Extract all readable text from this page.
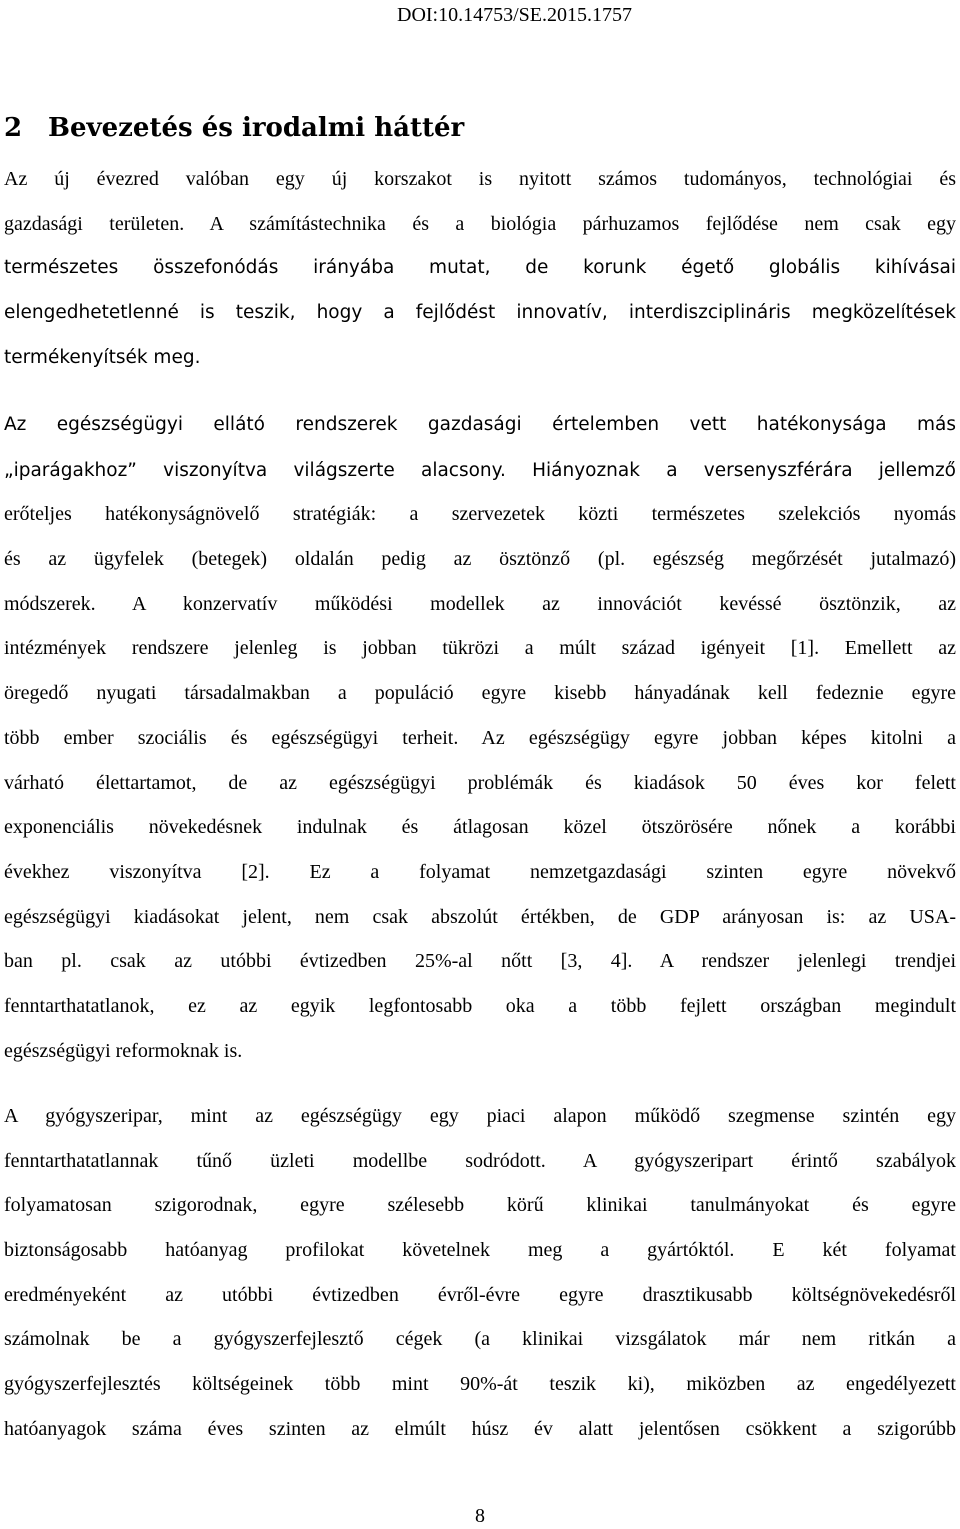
DOI:10.14753/SE.2015.1757
2 Bevezetés és irodalmi háttér
Az új évezred valóban egy új korszakot is nyitott számos tudományos, technológiai és
gazdasági területen. A számítástechnika és a biológia párhuzamos fejlődése nem csak egy
természetes összefonódás irányába mutat, de korunk égető globális kihívásai
elengedhetetlenné is teszik, hogy a fejlődést innovatív, interdiszciplináris megközelítések
termékenyítsék meg.
Az egészségügyi ellátó rendszerek gazdasági értelemben vett hatékonysága más
„iparágakhoz” viszonyítva világszerte alacsony. Hiányoznak a versenyszférára jellemző
erőteljes hatékonyságnövelő stratégiák: a szervezetek közti természetes szelekciós nyomás
és az ügyfelek (betegek) oldalán pedig az ösztönző (pl. egészség megőrzését jutalmazó)
módszerek. A konzervatív működési modellek az innovációt kevéssé ösztönzik, az
intézmények rendszere jelenleg is jobban tükrözi a múlt század igényeit [1]. Emellett az
öregedő nyugati társadalmakban a populáció egyre kisebb hányadának kell fedeznie egyre
több ember szociális és egészségügyi terheit. Az egészségügy egyre jobban képes kitolni a
várható élettartamot, de az egészségügyi problémák és kiadások 50 éves kor felett
exponenciális növekedésnek indulnak és átlagosan közel ötszörösére nőnek a korábbi
évekhez viszonyítva [2]. Ez a folyamat nemzetgazdasági szinten egyre növekvő
egészségügyi kiadásokat jelent, nem csak abszolút értékben, de GDP arányosan is: az USA-
ban pl. csak az utóbbi évtizedben 25%-al nőtt [3, 4]. A rendszer jelenlegi trendjei
fenntarthatatlanok, ez az egyik legfontosabb oka a több fejlett országban megindult
egészségügyi reformoknak is.
A gyógyszeripar, mint az egészségügy egy piaci alapon működő szegmense szintén egy
fenntarthatatlannak tűnő üzleti modellbe sodródott. A gyógyszeripart érintő szabályok
folyamatosan szigorodnak, egyre szélesebb körű klinikai tanulmányokat és egyre
biztonságosabb hatóanyag profilokat követelnek meg a gyártóktól. E két folyamat
eredményeként az utóbbi évtizedben évről-évre egyre drasztikusabb költségnövekedésről
számolnak be a gyógyszerfejlesztő cégek (a klinikai vizsgálatok már nem ritkán a
gyógyszerfejlesztés költségeinek több mint 90%-át teszik ki), miközben az engedélyezett
hatóanyagok száma éves szinten az elmúlt húsz év alatt jelentősen csökkent a szigorúbb
8
